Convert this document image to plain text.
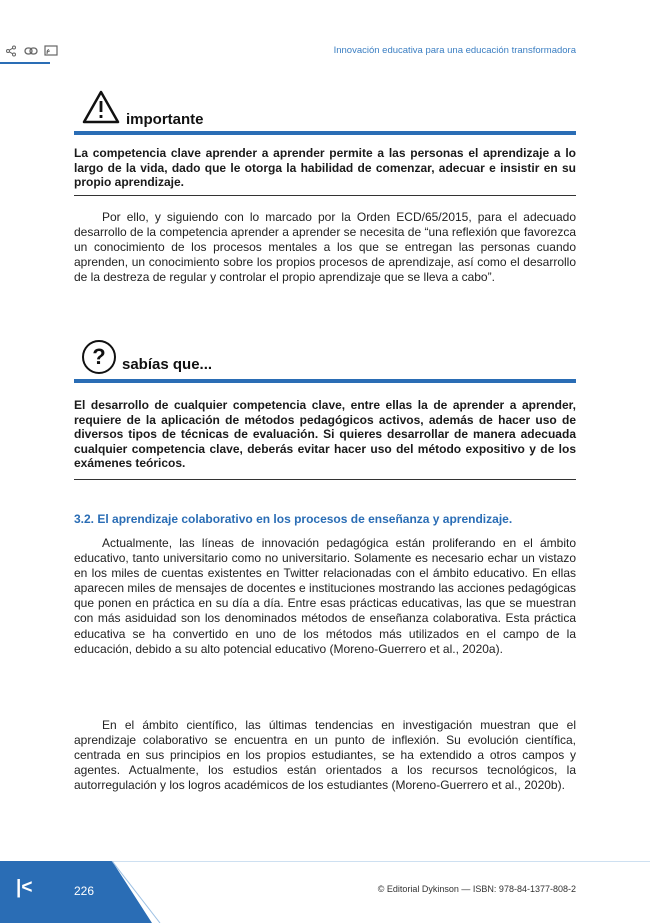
Innovación educativa para una educación transformadora
importante
La competencia clave aprender a aprender permite a las personas el aprendizaje a lo largo de la vida, dado que le otorga la habilidad de comenzar, adecuar e insistir en su propio aprendizaje.
Por ello, y siguiendo con lo marcado por la Orden ECD/65/2015, para el adecuado desarrollo de la competencia aprender a aprender se necesita de “una reflexión que favorezca un conocimiento de los procesos mentales a los que se entregan las personas cuando aprenden, un conocimiento sobre los propios procesos de aprendizaje, así como el desarrollo de la destreza de regular y controlar el propio aprendizaje que se lleva a cabo”.
?	sabías que...
El desarrollo de cualquier competencia clave, entre ellas la de aprender a aprender, requiere de la aplicación de métodos pedagógicos activos, además de hacer uso de diversos tipos de técnicas de evaluación. Si quieres desarrollar de manera adecuada cualquier competencia clave, deberás evitar hacer uso del método expositivo y de los exámenes teóricos.
3.2. El aprendizaje colaborativo en los procesos de enseñanza y aprendizaje.
Actualmente, las líneas de innovación pedagógica están proliferando en el ámbito educativo, tanto universitario como no universitario. Solamente es necesario echar un vistazo en los miles de cuentas existentes en Twitter relacionadas con el ámbito educativo. En ellas aparecen miles de mensajes de docentes e instituciones mostrando las acciones pedagógicas que ponen en práctica en su día a día. Entre esas prácticas educativas, las que se muestran con más asiduidad son los denominados métodos de enseñanza colaborativa. Esta práctica educativa se ha convertido en uno de los métodos más utilizados en el campo de la educación, debido a su alto potencial educativo (Moreno-Guerrero et al., 2020a).
En el ámbito científico, las últimas tendencias en investigación muestran que el aprendizaje colaborativo se encuentra en un punto de inflexión. Su evolución científica, centrada en sus principios en los propios estudiantes, se ha extendido a otros campos y agentes. Actualmente, los estudios están orientados a los recursos tecnológicos, la autorregulación y los logros académicos de los estudiantes (Moreno-Guerrero et al., 2020b).
|<	226	© Editorial Dykinson — ISBN: 978-84-1377-808-2
